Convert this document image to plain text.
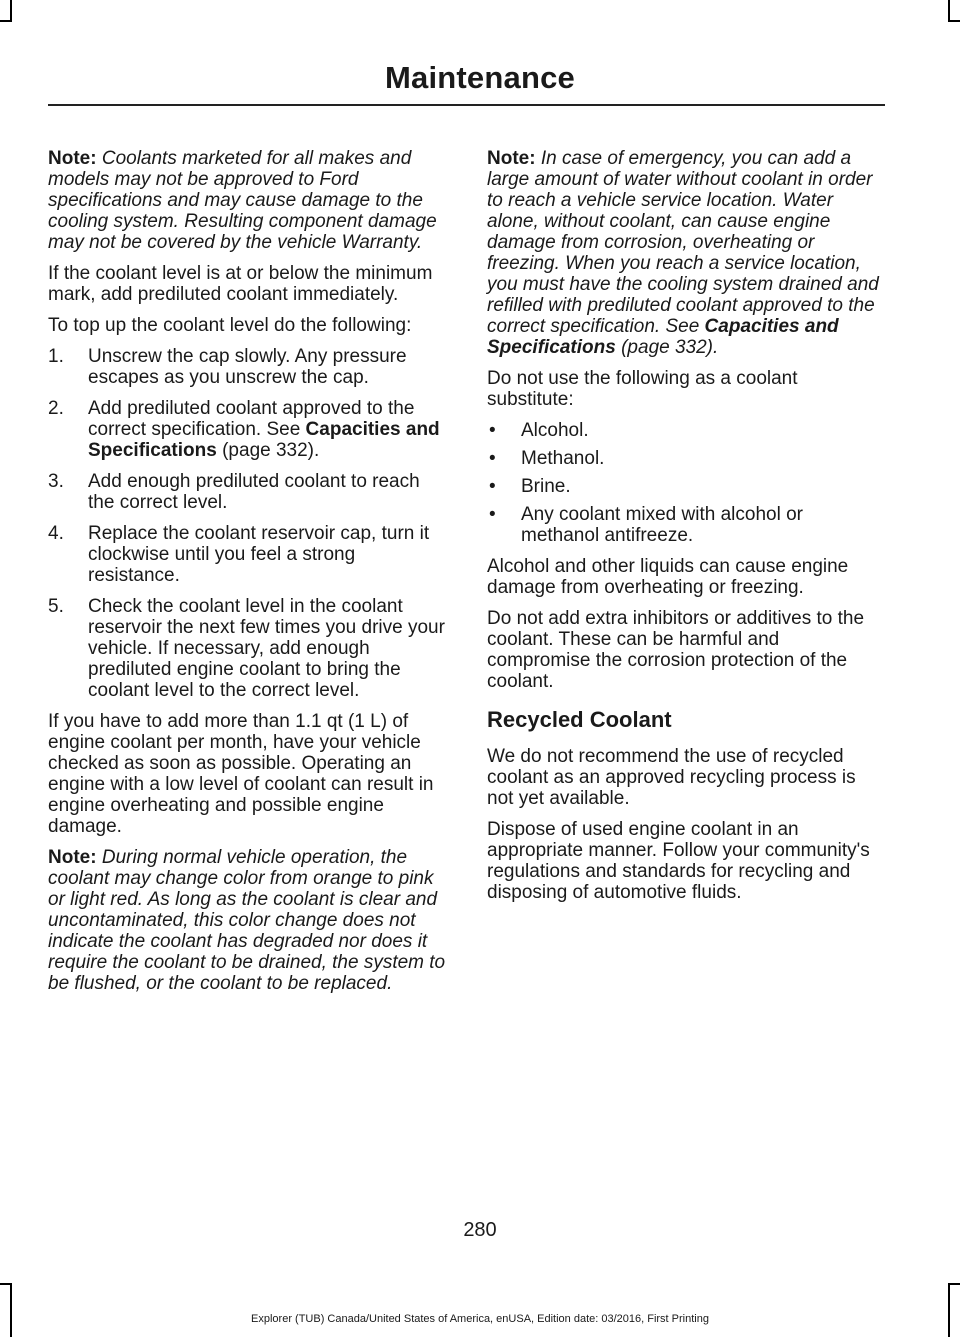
Maintenance

Note: Coolants marketed for all makes and models may not be approved to Ford specifications and may cause damage to the cooling system. Resulting component damage may not be covered by the vehicle Warranty.

If the coolant level is at or below the minimum mark, add prediluted coolant immediately.

To top up the coolant level do the following:

1. Unscrew the cap slowly. Any pressure escapes as you unscrew the cap.
2. Add prediluted coolant approved to the correct specification. See Capacities and Specifications (page 332).
3. Add enough prediluted coolant to reach the correct level.
4. Replace the coolant reservoir cap, turn it clockwise until you feel a strong resistance.
5. Check the coolant level in the coolant reservoir the next few times you drive your vehicle. If necessary, add enough prediluted engine coolant to bring the coolant level to the correct level.

If you have to add more than 1.1 qt (1 L) of engine coolant per month, have your vehicle checked as soon as possible. Operating an engine with a low level of coolant can result in engine overheating and possible engine damage.

Note: During normal vehicle operation, the coolant may change color from orange to pink or light red. As long as the coolant is clear and uncontaminated, this color change does not indicate the coolant has degraded nor does it require the coolant to be drained, the system to be flushed, or the coolant to be replaced.

Note: In case of emergency, you can add a large amount of water without coolant in order to reach a vehicle service location. Water alone, without coolant, can cause engine damage from corrosion, overheating or freezing. When you reach a service location, you must have the cooling system drained and refilled with prediluted coolant approved to the correct specification. See Capacities and Specifications (page 332).

Do not use the following as a coolant substitute:

• Alcohol.
• Methanol.
• Brine.
• Any coolant mixed with alcohol or methanol antifreeze.

Alcohol and other liquids can cause engine damage from overheating or freezing.

Do not add extra inhibitors or additives to the coolant. These can be harmful and compromise the corrosion protection of the coolant.

Recycled Coolant

We do not recommend the use of recycled coolant as an approved recycling process is not yet available.

Dispose of used engine coolant in an appropriate manner. Follow your community's regulations and standards for recycling and disposing of automotive fluids.

280
Explorer (TUB) Canada/United States of America, enUSA, Edition date: 03/2016, First Printing
